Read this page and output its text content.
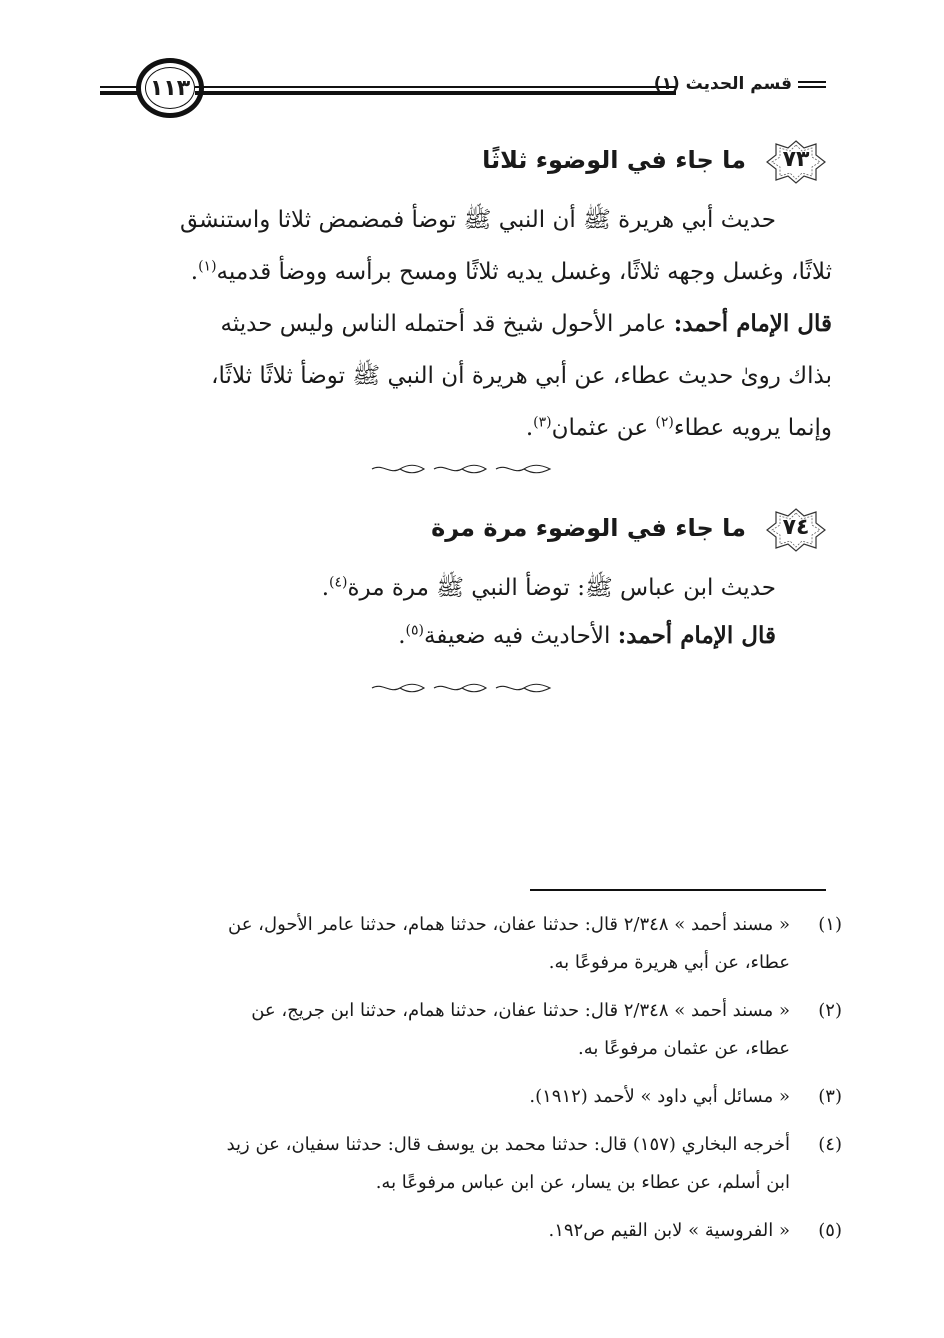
١١٣	قسم الحديث (١)
٧٣
ما جاء في الوضوء ثلاثًا
حديث أبي هريرة ﷺ أن النبي ﷺ توضأ فمضمض ثلاثا واستنشق
ثلاثًا، وغسل وجهه ثلاثًا، وغسل يديه ثلاثًا ومسح برأسه ووضأ قدميه$^{(١)}$.
قال الإمام أحمد: عامر الأحول شيخ قد أحتمله الناس وليس حديثه
بذاك روىٰ حديث عطاء، عن أبي هريرة أن النبي ﷺ توضأ ثلاثًا ثلاثًا،
وإنما يرويه عطاء$^{(٢)}$ عن عثمان$^{(٣)}$.
٧٤
ما جاء في الوضوء مرة مرة
حديث ابن عباس ﷺ: توضأ النبي ﷺ مرة مرة$^{(٤)}$.
قال الإمام أحمد: الأحاديث فيه ضعيفة$^{(٥)}$.
(١)
« مسند أحمد » ٢/٣٤٨ قال: حدثنا عفان، حدثنا همام، حدثنا عامر الأحول، عن
عطاء، عن أبي هريرة مرفوعًا به.
(٢)
« مسند أحمد » ٢/٣٤٨ قال: حدثنا عفان، حدثنا همام، حدثنا ابن جريج، عن
عطاء، عن عثمان مرفوعًا به.
(٣)
« مسائل أبي داود » لأحمد (١٩١٢).
(٤)
أخرجه البخاري (١٥٧) قال: حدثنا محمد بن يوسف قال: حدثنا سفيان، عن زيد
ابن أسلم، عن عطاء بن يسار، عن ابن عباس مرفوعًا به.
(٥)
« الفروسية » لابن القيم ص١٩٢.
